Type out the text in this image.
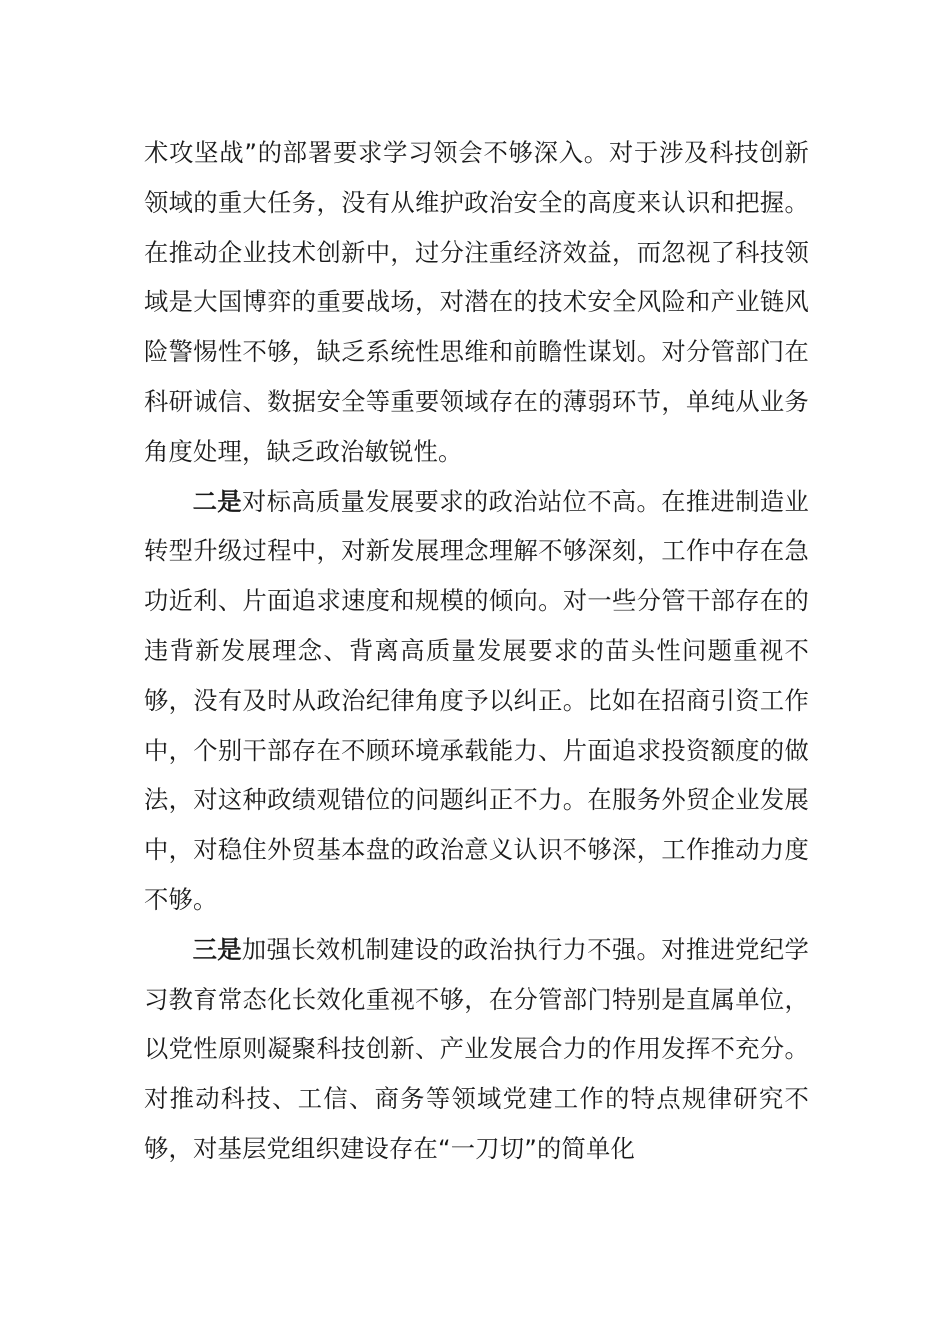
术攻坚战”的部署要求学习领会不够深入。对于涉及科技创新领域的重大任务，没有从维护政治安全的高度来认识和把握。在推动企业技术创新中，过分注重经济效益，而忽视了科技领域是大国博弈的重要战场，对潜在的技术安全风险和产业链风险警惕性不够，缺乏系统性思维和前瞻性谋划。对分管部门在科研诚信、数据安全等重要领域存在的薄弱环节，单纯从业务角度处理，缺乏政治敏锐性。

二是对标高质量发展要求的政治站位不高。在推进制造业转型升级过程中，对新发展理念理解不够深刻，工作中存在急功近利、片面追求速度和规模的倾向。对一些分管干部存在的违背新发展理念、背离高质量发展要求的苗头性问题重视不够，没有及时从政治纪律角度予以纠正。比如在招商引资工作中，个别干部存在不顾环境承载能力、片面追求投资额度的做法，对这种政绩观错位的问题纠正不力。在服务外贸企业发展中，对稳住外贸基本盘的政治意义认识不够深，工作推动力度不够。

三是加强长效机制建设的政治执行力不强。对推进党纪学习教育常态化长效化重视不够，在分管部门特别是直属单位，以党性原则凝聚科技创新、产业发展合力的作用发挥不充分。对推动科技、工信、商务等领域党建工作的特点规律研究不够，对基层党组织建设存在“一刀切”的简单化
